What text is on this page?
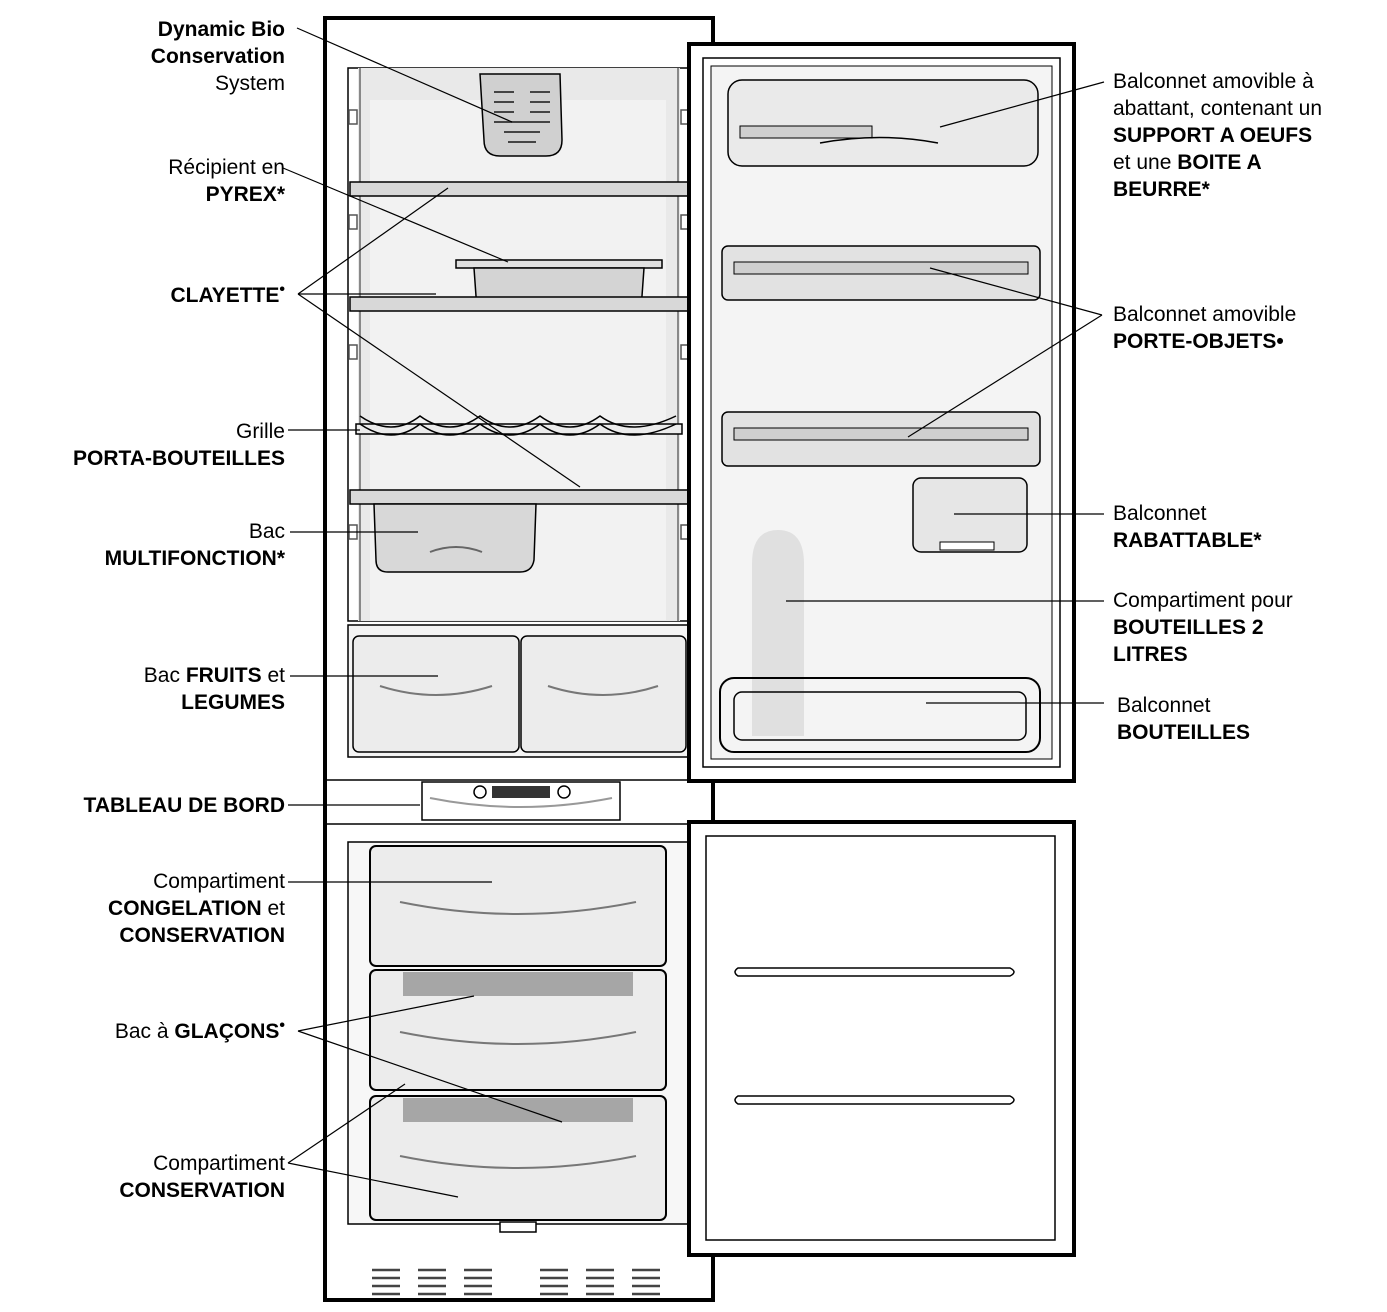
Dynamic Bio
Conservation
System
Récipient en
PYREX*
CLAYETTE•
Grille
PORTA-BOUTEILLES
Bac
MULTIFONCTION*
Bac FRUITS et
LEGUMES
TABLEAU DE BORD
Compartiment
CONGELATION et
CONSERVATION
Bac à GLAÇONS•
Compartiment
CONSERVATION
Balconnet amovible à
abattant, contenant un
SUPPORT A OEUFS
et une BOITE A
BEURRE*
Balconnet amovible
PORTE-OBJETS•
Balconnet
RABATTABLE*
Compartiment pour
BOUTEILLES 2
LITRES
Balconnet
BOUTEILLES
